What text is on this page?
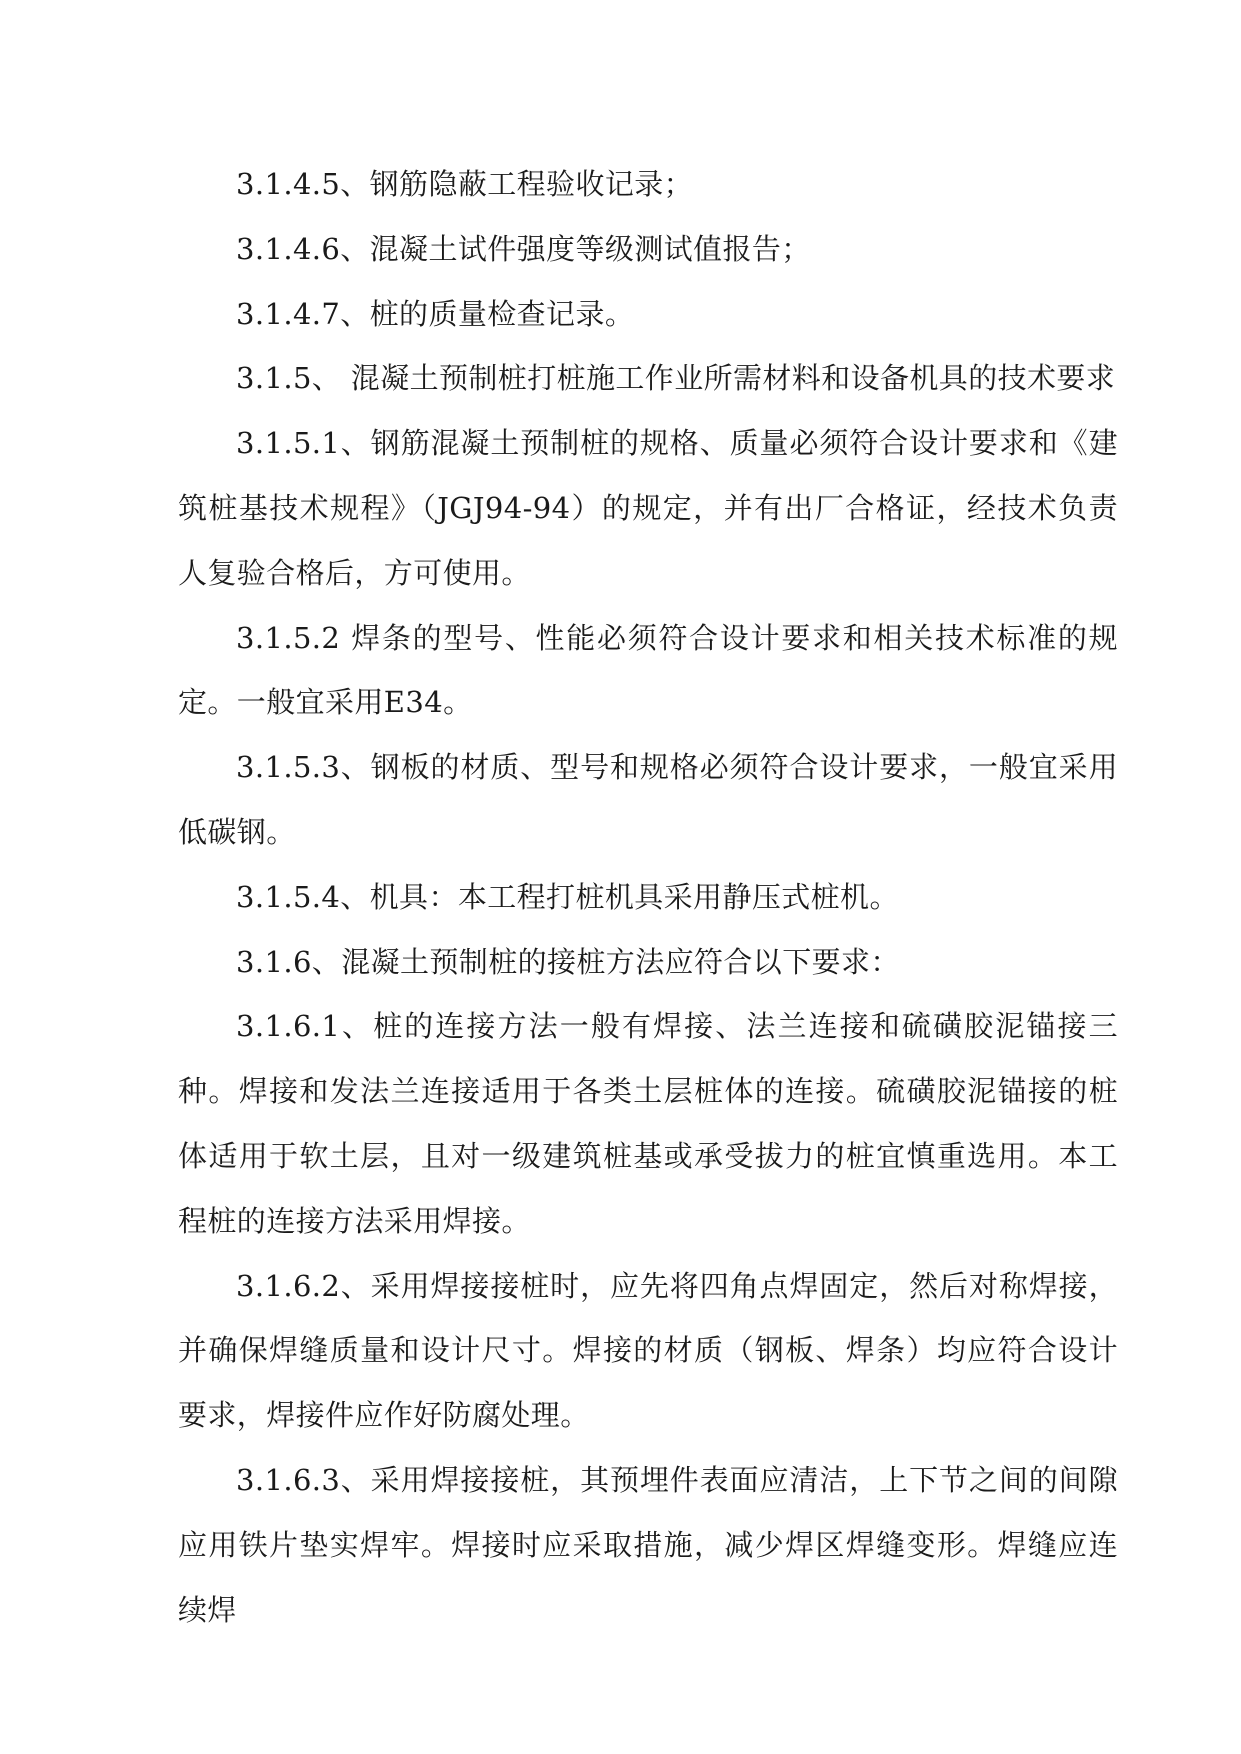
3.1.4.5、钢筋隐蔽工程验收记录；

3.1.4.6、混凝土试件强度等级测试值报告；

3.1.4.7、桩的质量检查记录。

3.1.5、 混凝土预制桩打桩施工作业所需材料和设备机具的技术要求

3.1.5.1、钢筋混凝土预制桩的规格、质量必须符合设计要求和《建筑桩基技术规程》（JGJ94-94）的规定，并有出厂合格证，经技术负责人复验合格后，方可使用。

3.1.5.2 焊条的型号、性能必须符合设计要求和相关技术标准的规定。一般宜采用E34。

3.1.5.3、钢板的材质、型号和规格必须符合设计要求，一般宜采用低碳钢。

3.1.5.4、机具：本工程打桩机具采用静压式桩机。

3.1.6、混凝土预制桩的接桩方法应符合以下要求：

3.1.6.1、桩的连接方法一般有焊接、法兰连接和硫磺胶泥锚接三种。焊接和发法兰连接适用于各类土层桩体的连接。硫磺胶泥锚接的桩体适用于软土层，且对一级建筑桩基或承受拔力的桩宜慎重选用。本工程桩的连接方法采用焊接。

3.1.6.2、采用焊接接桩时，应先将四角点焊固定，然后对称焊接，并确保焊缝质量和设计尺寸。焊接的材质（钢板、焊条）均应符合设计要求，焊接件应作好防腐处理。

3.1.6.3、采用焊接接桩，其预埋件表面应清洁，上下节之间的间隙应用铁片垫实焊牢。焊接时应采取措施，减少焊区焊缝变形。焊缝应连续焊
